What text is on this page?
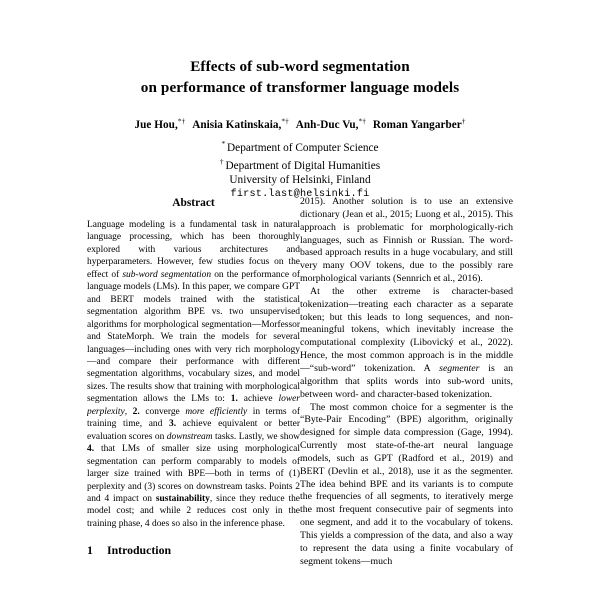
Effects of sub-word segmentation
on performance of transformer language models
Jue Hou,*† Anisia Katinskaia,*† Anh-Duc Vu,*† Roman Yangarber†
* Department of Computer Science
† Department of Digital Humanities
University of Helsinki, Finland
first.last@helsinki.fi
Abstract

Language modeling is a fundamental task in natural language processing, which has been thoroughly explored with various architectures and hyperparameters. However, few studies focus on the effect of sub-word segmentation on the performance of language models (LMs). In this paper, we compare GPT and BERT models trained with the statistical segmentation algorithm BPE vs. two unsupervised algorithms for morphological segmentation—Morfessor and StateMorph. We train the models for several languages—including ones with very rich morphology—and compare their performance with different segmentation algorithms, vocabulary sizes, and model sizes. The results show that training with morphological segmentation allows the LMs to: 1. achieve lower perplexity, 2. converge more efficiently in terms of training time, and 3. achieve equivalent or better evaluation scores on downstream tasks. Lastly, we show 4. that LMs of smaller size using morphological segmentation can perform comparably to models of larger size trained with BPE—both in terms of (1) perplexity and (3) scores on downstream tasks. Points 2 and 4 impact on sustainability, since they reduce the model cost; and while 2 reduces cost only in the training phase, 4 does so also in the inference phase.

1	Introduction

2015). Another solution is to use an extensive dictionary (Jean et al., 2015; Luong et al., 2015). This approach is problematic for morphologically-rich languages, such as Finnish or Russian. The word-based approach results in a huge vocabulary, and still very many OOV tokens, due to the possibly rare morphological variants (Sennrich et al., 2016).

At the other extreme is character-based tokenization—treating each character as a separate token; but this leads to long sequences, and non-meaningful tokens, which inevitably increase the computational complexity (Libovický et al., 2022). Hence, the most common approach is in the middle—“sub-word” tokenization. A segmenter is an algorithm that splits words into sub-word units, between word- and character-based tokenization.

The most common choice for a segmenter is the “Byte-Pair Encoding” (BPE) algorithm, originally designed for simple data compression (Gage, 1994). Currently most state-of-the-art neural language models, such as GPT (Radford et al., 2019) and BERT (Devlin et al., 2018), use it as the segmenter. The idea behind BPE and its variants is to compute the frequencies of all segments, to iteratively merge the most frequent consecutive pair of segments into one segment, and add it to the vocabulary of tokens. This yields a compression of the data, and also a way to represent the data using a finite vocabulary of segment tokens—much
